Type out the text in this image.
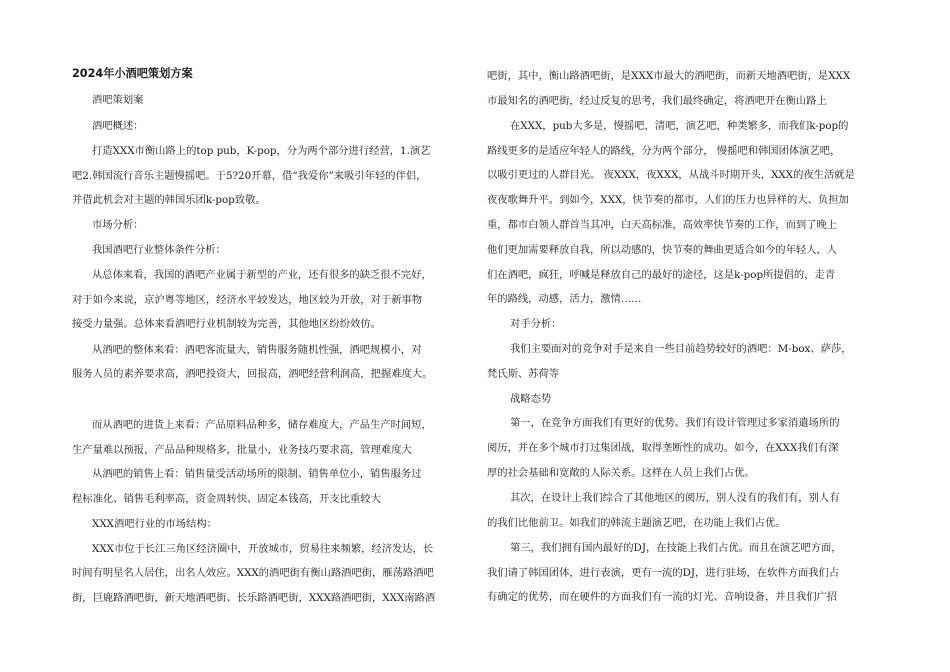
2024年小酒吧策划方案
酒吧策划案
酒吧概述：
打造XXX市衡山路上的top pub，K-pop，分为两个部分进行经营，1.演艺
吧2.韩国流行音乐主题慢摇吧。于5?20开幕，借“我爱你”来吸引年轻的伴侣，
并借此机会对主题的韩国乐团k-pop致敬。
市场分析：
我国酒吧行业整体条件分析：
从总体来看，我国的酒吧产业属于新型的产业，还有很多的缺乏很不完好，
对于如今来说，京沪粤等地区，经济水平较发达，地区较为开放，对于新事物
接受力量强。总体来看酒吧行业机制较为完善，其他地区纷纷效仿。
从酒吧的整体来看：酒吧客流量大，销售服务随机性强，酒吧规模小，对
服务人员的素养要求高，酒吧投资大，回报高，酒吧经营利润高，把握难度大。
而从酒吧的进货上来看：产品原料品种多，储存难度大，产品生产时间短，
生产量难以预报，产品品种规格多，批量小，业务技巧要求高，管理难度大
从酒吧的销售上看：销售量受活动场所的限制、销售单位小，销售服务过
程标准化、销售毛利率高，资金周转快、固定本钱高，开支比重较大
XXX酒吧行业的市场结构：
XXX市位于长江三角区经济圈中，开放城市，贸易往来频繁，经济发达，长
时间有明星名人居住，出名人效应。XXX的酒吧街有衡山路酒吧街，雁荡路酒吧
街，巨鹿路酒吧街，新天地酒吧街、长乐路酒吧街，XXX路酒吧街，XXX南路酒
吧街，其中，衡山路酒吧街，是XXX市最大的酒吧街，而新天地酒吧街，是XXX
市最知名的酒吧街，经过反复的思考，我们最终确定，将酒吧开在衡山路上
在XXX，pub大多是，慢摇吧，清吧，演艺吧，种类繁多，而我们k-pop的
路线更多的是适应年轻人的路线，分为两个部分， 慢摇吧和韩国团体演艺吧，
以吸引更过的人群目光。 夜XXX，夜XXX，从战斗时期开头，XXX的夜生活就是
夜夜歌舞升平。到如今，XXX，快节奏的都市，人们的压力也异样的大、负担加
重，都市白领人群首当其冲，白天高标准，高效率快节奏的工作，而到了晚上
他们更加需要释放自我，所以动感的，快节奏的舞曲更适合如今的年轻人，人
们在酒吧，疯狂，呼喊是释放自己的最好的途径，这是k-pop所提倡的，走青
年的路线，动感，活力，激情……
对手分析：
我们主要面对的竞争对手是来自一些目前趋势较好的酒吧：M-box、萨莎，
梵氏斯、苏荷等
战略态势
第一，在竞争方面我们有更好的优势。我们有设计管理过多家消遣场所的
阅历，并在多个城市打过集团战，取得垄断性的成功。如今，在XXX我们有深
厚的社会基础和宽敞的人际关系。这样在人员上我们占优。
其次，在设计上我们综合了其他地区的阅历，别人没有的我们有，别人有
的我们比他前卫。如我们的韩流主题演艺吧，在功能上我们占优。
第三，我们拥有国内最好的DJ，在技能上我们占优。而且在演艺吧方面，
我们请了韩国团体，进行表演，更有一流的DJ，进行驻场，在软件方面我们占
有确定的优势，而在硬件的方面我们有一流的灯光、音响设备，并且我们广招
